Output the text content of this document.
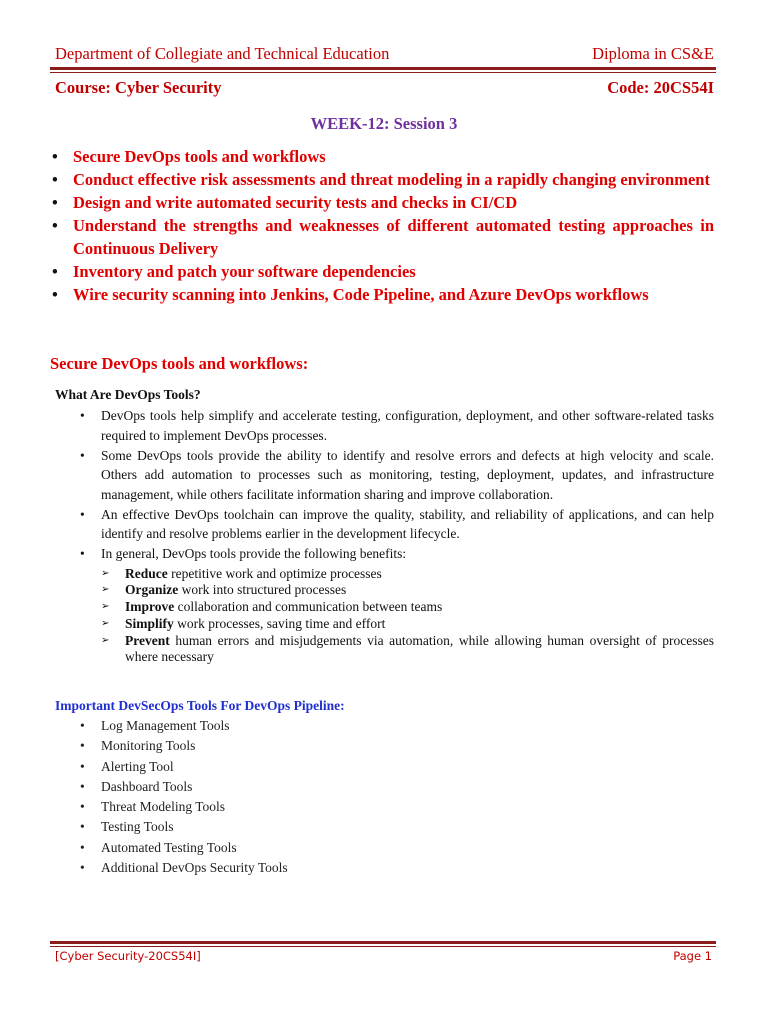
Department of Collegiate and Technical Education	Diploma in CS&E
Course: Cyber Security	Code: 20CS54I
WEEK-12: Session 3
• Secure DevOps tools and workflows
• Conduct effective risk assessments and threat modeling in a rapidly changing environment
• Design and write automated security tests and checks in CI/CD
• Understand the strengths and weaknesses of different automated testing approaches in Continuous Delivery
• Inventory and patch your software dependencies
• Wire security scanning into Jenkins, Code Pipeline, and Azure DevOps workflows
Secure DevOps tools and workflows:
What Are DevOps Tools?
• DevOps tools help simplify and accelerate testing, configuration, deployment, and other software-related tasks required to implement DevOps processes.
• Some DevOps tools provide the ability to identify and resolve errors and defects at high velocity and scale. Others add automation to processes such as monitoring, testing, deployment, updates, and infrastructure management, while others facilitate information sharing and improve collaboration.
• An effective DevOps toolchain can improve the quality, stability, and reliability of applications, and can help identify and resolve problems earlier in the development lifecycle.
• In general, DevOps tools provide the following benefits:
➢ Reduce repetitive work and optimize processes
➢ Organize work into structured processes
➢ Improve collaboration and communication between teams
➢ Simplify work processes, saving time and effort
➢ Prevent human errors and misjudgements via automation, while allowing human oversight of processes where necessary
Important DevSecOps Tools For DevOps Pipeline:
• Log Management Tools
• Monitoring Tools
• Alerting Tool
• Dashboard Tools
• Threat Modeling Tools
• Testing Tools
• Automated Testing Tools
• Additional DevOps Security Tools
[Cyber Security-20CS54I]	Page 1
